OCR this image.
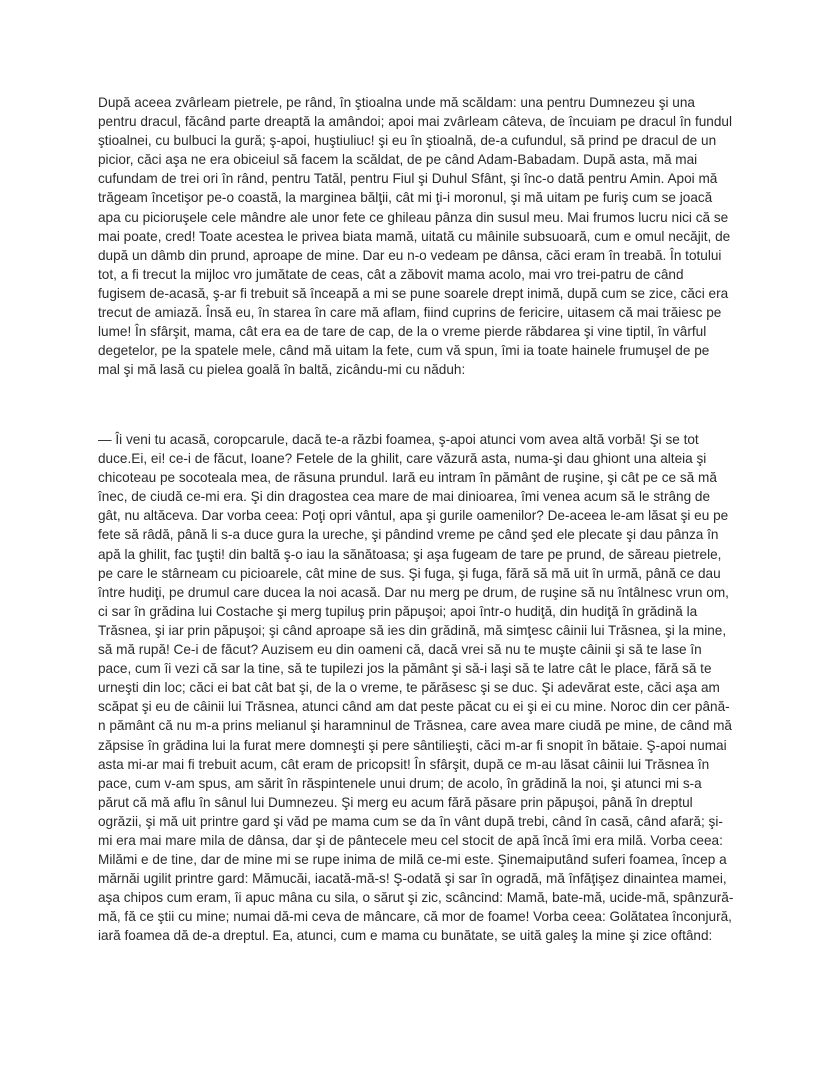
După aceea zvârleam pietrele, pe rând, în ştioalna unde mă scăldam: una pentru Dumnezeu şi una pentru dracul, făcând parte dreaptă la amândoi; apoi mai zvârleam câteva, de încuiam pe dracul în fundul ştioalnei, cu bulbuci la gură; ş-apoi, huştiuliuc! şi eu în ştioalnă, de-a cufundul, să prind pe dracul de un picior, căci aşa ne era obiceiul să facem la scăldat, de pe când Adam-Babadam. După asta, mă mai cufundam de trei ori în rând, pentru Tatăl, pentru Fiul şi Duhul Sfânt, şi înc-o dată pentru Amin. Apoi mă trăgeam încetişor pe-o coastă, la marginea bălţii, cât mi ţi-i moronul, şi mă uitam pe furiş cum se joacă apa cu picioruşele cele mândre ale unor fete ce ghileau pânza din susul meu. Mai frumos lucru nici că se mai poate, cred! Toate acestea le privea biata mamă, uitată cu mâinile subsuoară, cum e omul necăjit, de după un dâmb din prund, aproape de mine. Dar eu n-o vedeam pe dânsa, căci eram în treabă. În totului tot, a fi trecut la mijloc vro jumătate de ceas, cât a zăbovit mama acolo, mai vro trei-patru de când fugisem de-acasă, ş-ar fi trebuit să înceapă a mi se pune soarele drept inimă, după cum se zice, căci era trecut de amiază. Însă eu, în starea în care mă aflam, fiind cuprins de fericire, uitasem că mai trăiesc pe lume! În sfârşit, mama, cât era ea de tare de cap, de la o vreme pierde răbdarea şi vine tiptil, în vârful degetelor, pe la spatele mele, când mă uitam la fete, cum vă spun, îmi ia toate hainele frumuşel de pe mal şi mă lasă cu pielea goală în baltă, zicându-mi cu năduh:

— Îi veni tu acasă, coropcarule, dacă te-a răzbi foamea, ş-apoi atunci vom avea altă vorbă! Şi se tot duce.Ei, ei! ce-i de făcut, Ioane? Fetele de la ghilit, care văzură asta, numa-şi dau ghiont una alteia şi chicoteau pe socoteala mea, de răsuna prundul. Iară eu intram în pământ de ruşine, şi cât pe ce să mă înec, de ciudă ce-mi era. Şi din dragostea cea mare de mai dinioarea, îmi venea acum să le strâng de gât, nu altăceva. Dar vorba ceea: Poţi opri vântul, apa şi gurile oamenilor? De-aceea le-am lăsat şi eu pe fete să râdă, până li s-a duce gura la ureche, şi pândind vreme pe când şed ele plecate şi dau pânza în apă la ghilit, fac ţuşti! din baltă ş-o iau la sănătoasa; şi aşa fugeam de tare pe prund, de săreau pietrele, pe care le stârneam cu picioarele, cât mine de sus. Şi fuga, şi fuga, fără să mă uit în urmă, până ce dau între hudiţi, pe drumul care ducea la noi acasă. Dar nu merg pe drum, de ruşine să nu întâlnesc vrun om, ci sar în grădina lui Costache şi merg tupiluş prin păpuşoi; apoi într-o hudiţă, din hudiţă în grădină la Trăsnea, şi iar prin păpuşoi; şi când aproape să ies din grădină, mă simţesc câinii lui Trăsnea, şi la mine, să mă rupă! Ce-i de făcut? Auzisem eu din oameni că, dacă vrei să nu te muşte câinii şi să te lase în pace, cum îi vezi că sar la tine, să te tupilezi jos la pământ şi să-i laşi să te latre cât le place, fără să te urneşti din loc; căci ei bat cât bat şi, de la o vreme, te părăsesc şi se duc. Şi adevărat este, căci aşa am scăpat şi eu de câinii lui Trăsnea, atunci când am dat peste păcat cu ei şi ei cu mine. Noroc din cer până-n pământ că nu m-a prins melianul şi haramninul de Trăsnea, care avea mare ciudă pe mine, de când mă zăpsise în grădina lui la furat mere domneşti şi pere sântilieşti, căci m-ar fi snopit în bătaie. Ş-apoi numai asta mi-ar mai fi trebuit acum, cât eram de pricopsit! În sfârşit, după ce m-au lăsat câinii lui Trăsnea în pace, cum v-am spus, am sărit în răspintenele unui drum; de acolo, în grădină la noi, şi atunci mi s-a părut că mă aflu în sânul lui Dumnezeu. Şi merg eu acum fără păsare prin păpuşoi, până în dreptul ogrăzii, şi mă uit printre gard şi văd pe mama cum se da în vânt după trebi, când în casă, când afară; şi-mi era mai mare mila de dânsa, dar şi de pântecele meu cel stocit de apă încă îmi era milă. Vorba ceea: Milămi e de tine, dar de mine mi se rupe inima de milă ce-mi este. Şinemaiputând suferi foamea, încep a mărnăi ugilit printre gard: Mămucăi, iacată-mă-s! Ş-odată şi sar în ogradă, mă înfăţişez dinaintea mamei, aşa chipos cum eram, îi apuc mâna cu sila, o sărut şi zic, scâncind: Mamă, bate-mă, ucide-mă, spânzură-mă, fă ce ştii cu mine; numai dă-mi ceva de mâncare, că mor de foame! Vorba ceea: Golătatea înconjură, iară foamea dă de-a dreptul. Ea, atunci, cum e mama cu bunătate, se uită galeş la mine şi zice oftând:
